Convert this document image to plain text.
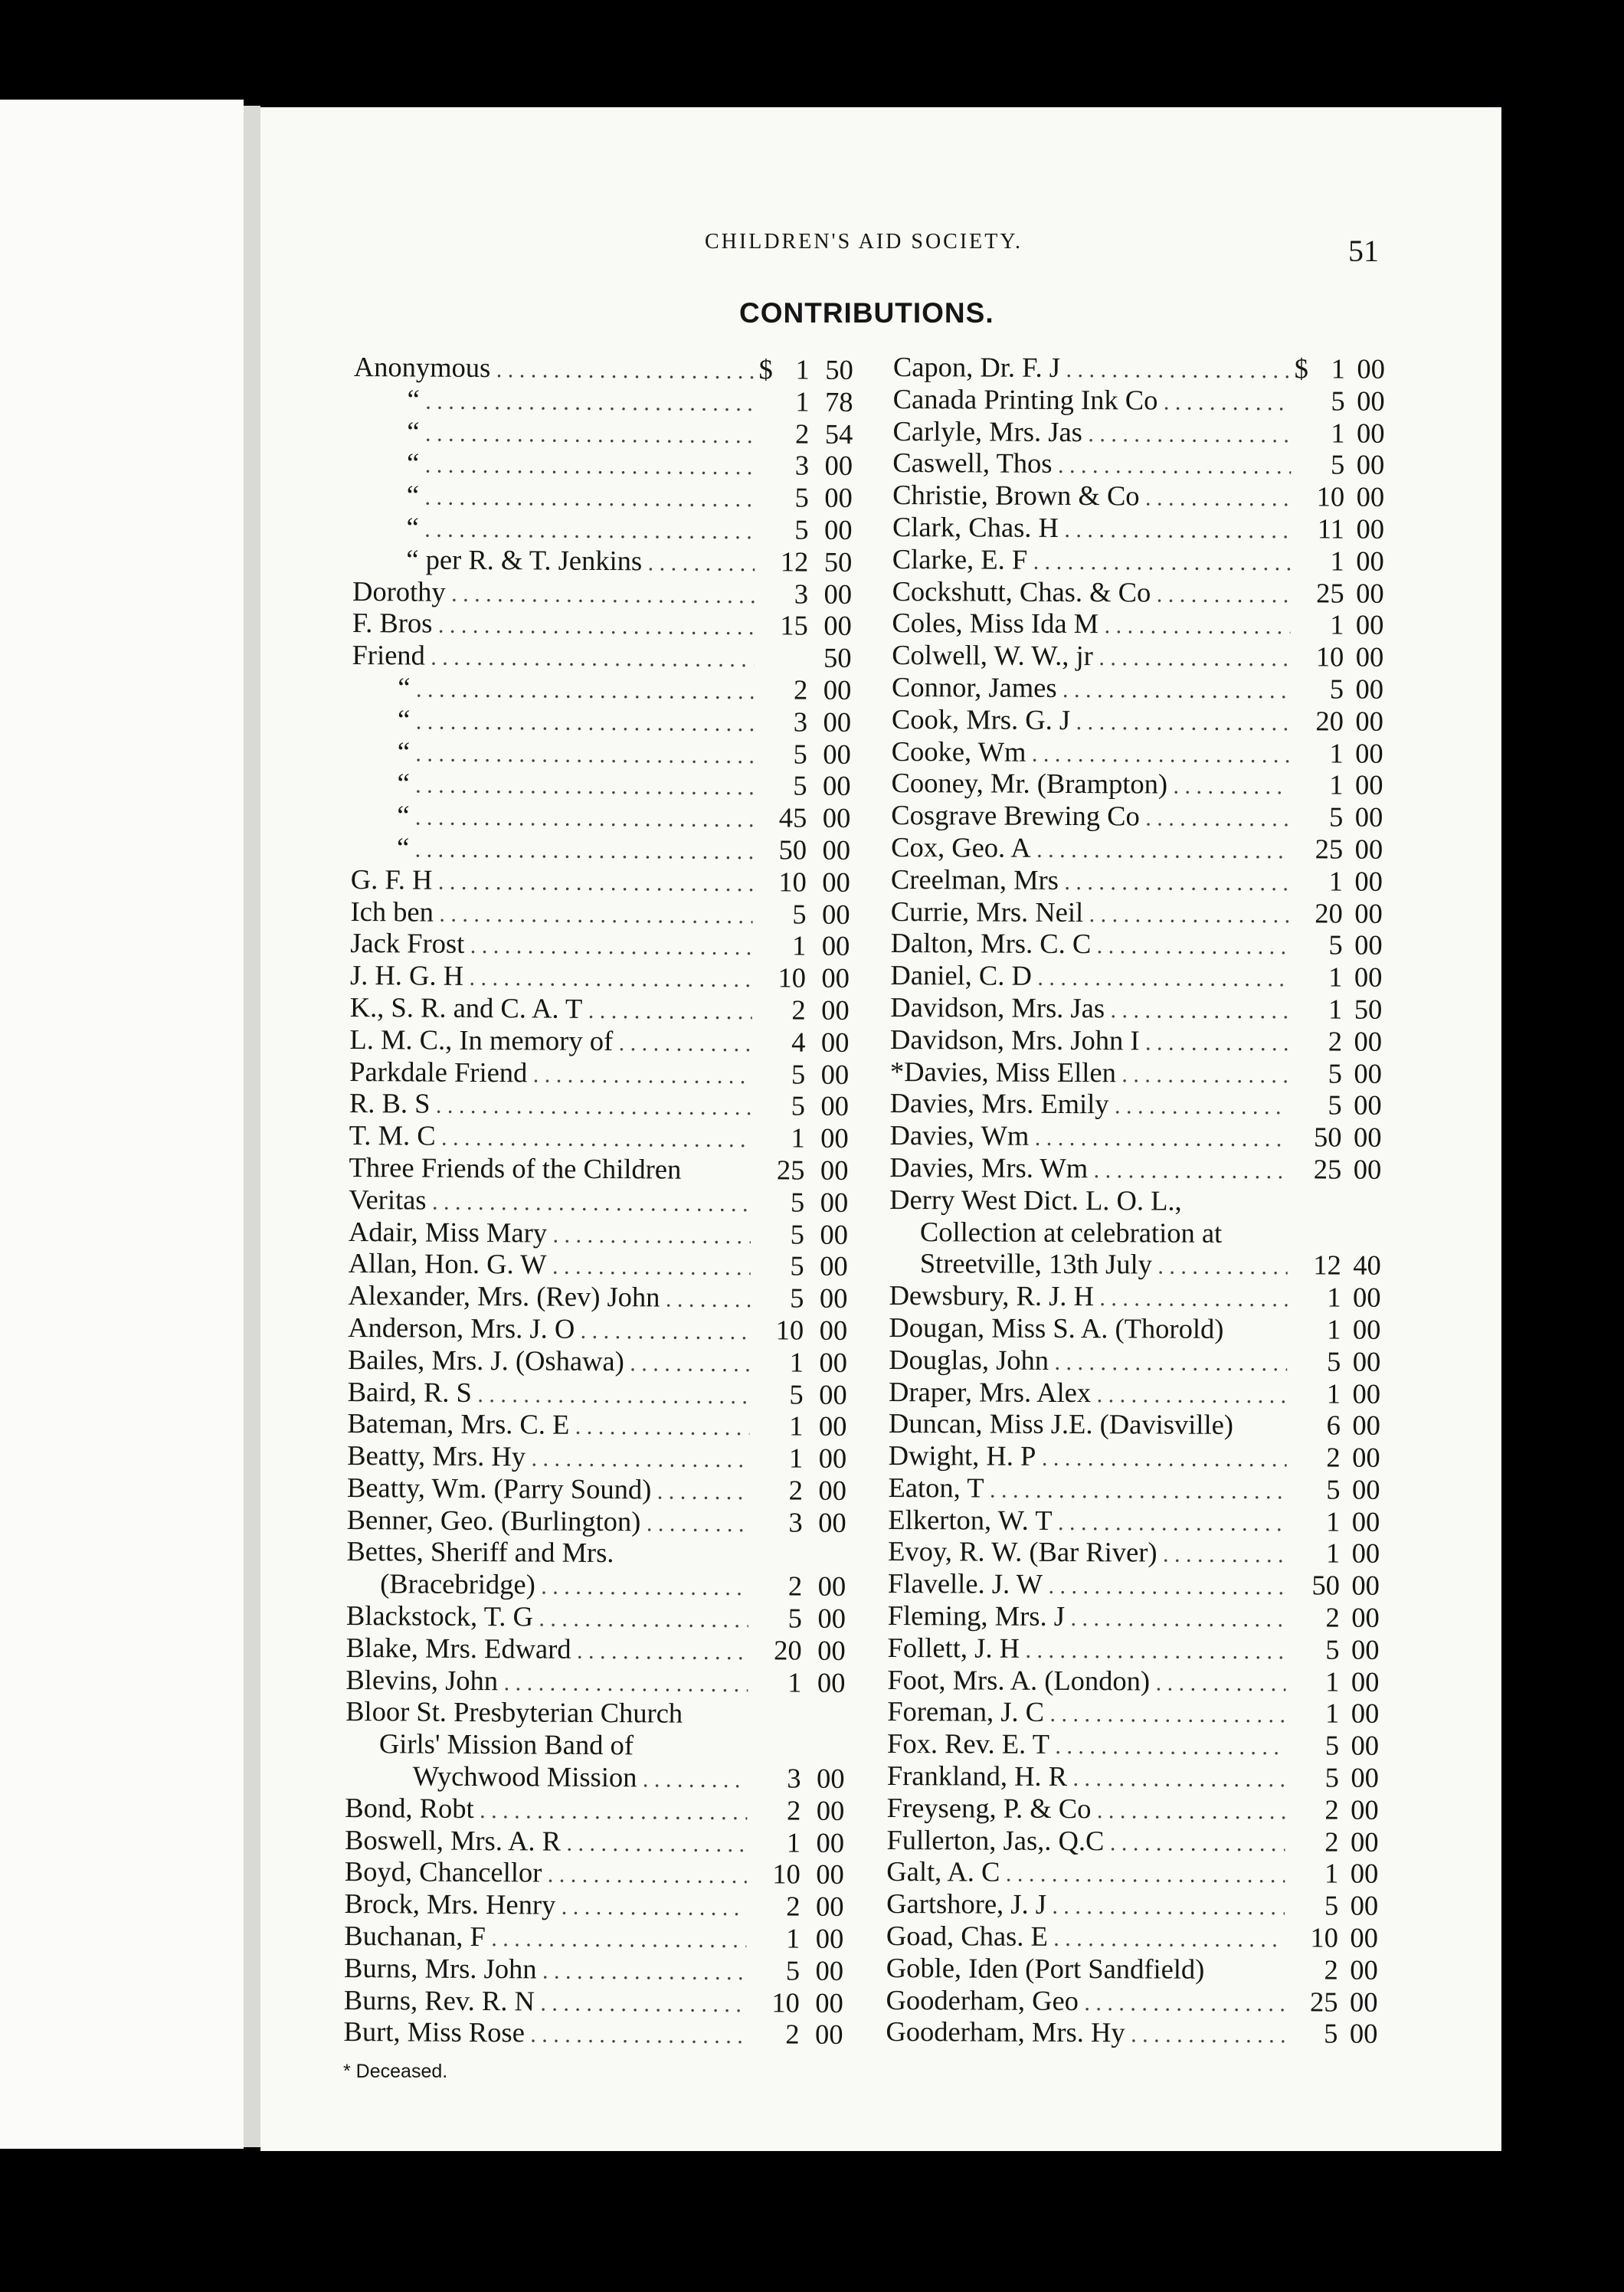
CHILDREN'S AID SOCIETY.	51
CONTRIBUTIONS.
Anonymous . . .	$ 1 50
“ . . .	1 78
“ . . .	2 54
“ . . .	3 00
“ . . .	5 00
“ . . .	5 00
“ per R. & T. Jenkins . . .	12 50
Dorothy . . .	3 00
F. Bros . . .	15 00
Friend . . .	50
“ . . .	2 00
“ . . .	3 00
“ . . .	5 00
“ . . .	5 00
“ . . .	45 00
“ . . .	50 00
G. F. H . . .	10 00
Ich ben . . .	5 00
Jack Frost . . .	1 00
J. H. G. H . . .	10 00
K., S. R. and C. A. T . . .	2 00
L. M. C., In memory of . . .	4 00
Parkdale Friend . . .	5 00
R. B. S . . .	5 00
T. M. C . . .	1 00
Three Friends of the Children	25 00
Veritas . . .	5 00
Adair, Miss Mary . . .	5 00
Allan, Hon. G. W . . .	5 00
Alexander, Mrs. (Rev) John . . .	5 00
Anderson, Mrs. J. O . . .	10 00
Bailes, Mrs. J. (Oshawa) . . .	1 00
Baird, R. S . . .	5 00
Bateman, Mrs. C. E . . .	1 00
Beatty, Mrs. Hy . . .	1 00
Beatty, Wm. (Parry Sound) . . .	2 00
Benner, Geo. (Burlington) . . .	3 00
Bettes, Sheriff and Mrs.
(Bracebridge) . . .	2 00
Blackstock, T. G . . .	5 00
Blake, Mrs. Edward . . .	20 00
Blevins, John . . .	1 00
Bloor St. Presbyterian Church
Girls' Mission Band of
Wychwood Mission . . .	3 00
Bond, Robt . . .	2 00
Boswell, Mrs. A. R . . .	1 00
Boyd, Chancellor . . .	10 00
Brock, Mrs. Henry . . .	2 00
Buchanan, F . . .	1 00
Burns, Mrs. John . . .	5 00
Burns, Rev. R. N . . .	10 00
Burt, Miss Rose . . .	2 00
Capon, Dr. F. J . . .	$ 1 00
Canada Printing Ink Co . . .	5 00
Carlyle, Mrs. Jas . . .	1 00
Caswell, Thos . . .	5 00
Christie, Brown & Co . . .	10 00
Clark, Chas. H . . .	11 00
Clarke, E. F . . .	1 00
Cockshutt, Chas. & Co . . .	25 00
Coles, Miss Ida M . . .	1 00
Colwell, W. W., jr . . .	10 00
Connor, James . . .	5 00
Cook, Mrs. G. J . . .	20 00
Cooke, Wm . . .	1 00
Cooney, Mr. (Brampton) . . .	1 00
Cosgrave Brewing Co . . .	5 00
Cox, Geo. A . . .	25 00
Creelman, Mrs . . .	1 00
Currie, Mrs. Neil . . .	20 00
Dalton, Mrs. C. C . . .	5 00
Daniel, C. D . . .	1 00
Davidson, Mrs. Jas . . .	1 50
Davidson, Mrs. John I . . .	2 00
*Davies, Miss Ellen . . .	5 00
Davies, Mrs. Emily . . .	5 00
Davies, Wm . . .	50 00
Davies, Mrs. Wm . . .	25 00
Derry West Dict. L. O. L.,
Collection at celebration at
Streetville, 13th July . . .	12 40
Dewsbury, R. J. H . . .	1 00
Dougan, Miss S. A. (Thorold)	1 00
Douglas, John . . .	5 00
Draper, Mrs. Alex . . .	1 00
Duncan, Miss J.E. (Davisville)	6 00
Dwight, H. P . . .	2 00
Eaton, T . . .	5 00
Elkerton, W. T . . .	1 00
Evoy, R. W. (Bar River) . . .	1 00
Flavelle. J. W . . .	50 00
Fleming, Mrs. J . . .	2 00
Follett, J. H . . .	5 00
Foot, Mrs. A. (London) . . .	1 00
Foreman, J. C . . .	1 00
Fox. Rev. E. T . . .	5 00
Frankland, H. R . . .	5 00
Freyseng, P. & Co . . .	2 00
Fullerton, Jas,. Q.C . . .	2 00
Galt, A. C . . .	1 00
Gartshore, J. J . . .	5 00
Goad, Chas. E . . .	10 00
Goble, Iden (Port Sandfield)	2 00
Gooderham, Geo . . .	25 00
Gooderham, Mrs. Hy . . .	5 00
* Deceased.
